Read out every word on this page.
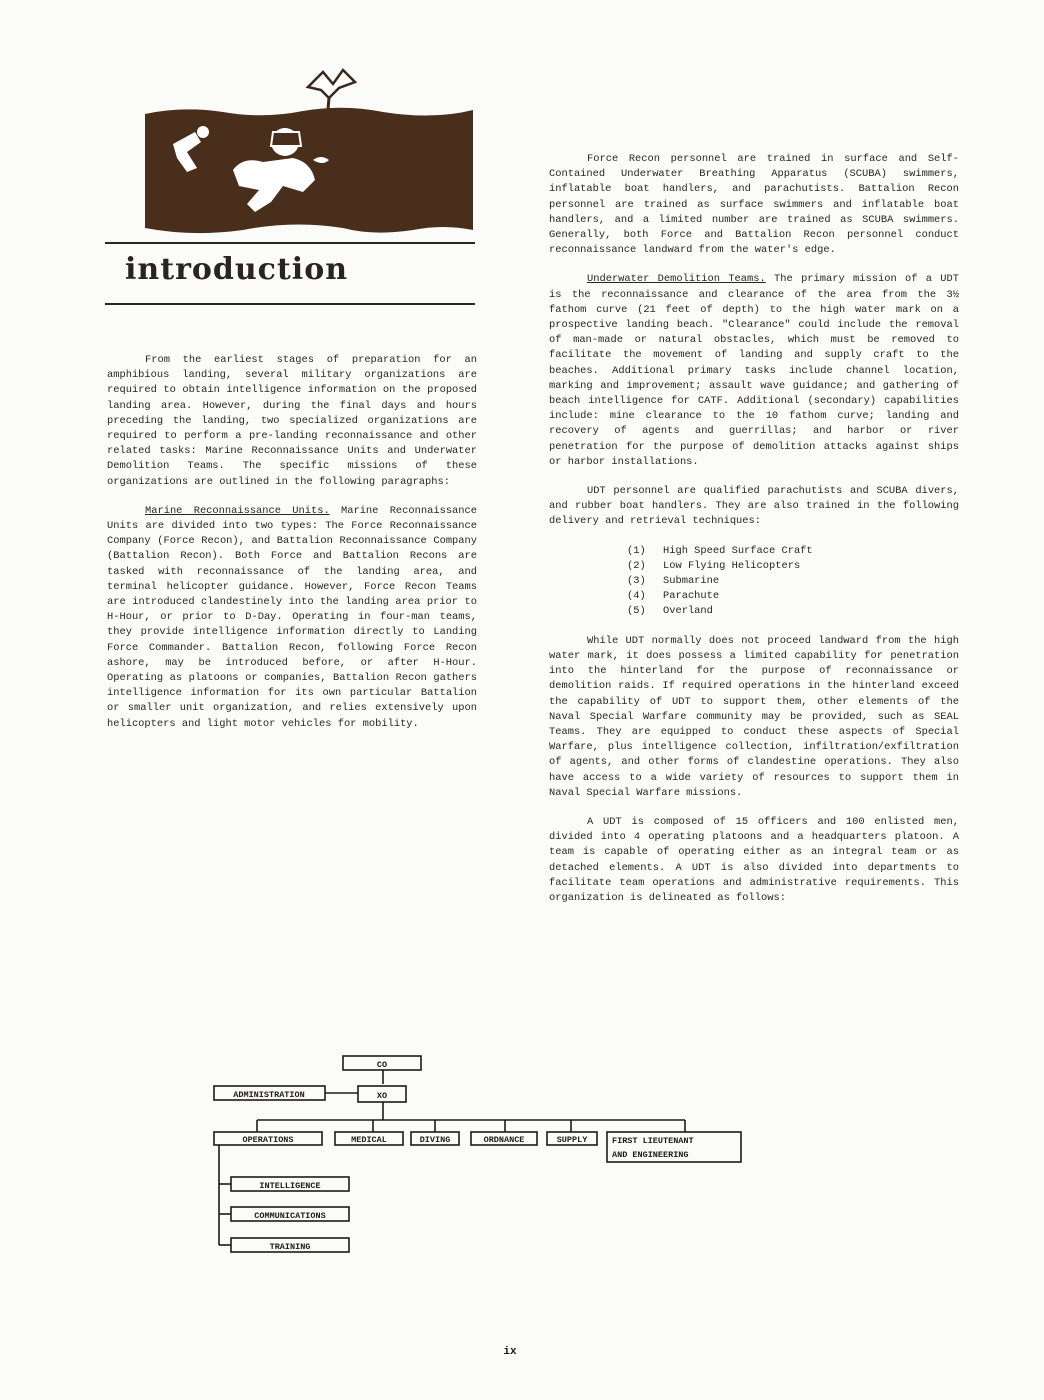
introduction

From the earliest stages of preparation for an amphibious landing, several military organizations are required to obtain intelligence information on the proposed landing area. However, during the final days and hours preceding the landing, two specialized organizations are required to perform a pre-landing reconnaissance and other related tasks: Marine Reconnaissance Units and Underwater Demolition Teams. The specific missions of these organizations are outlined in the following paragraphs:

Marine Reconnaissance Units. Marine Reconnaissance Units are divided into two types: The Force Reconnaissance Company (Force Recon), and Battalion Reconnaissance Company (Battalion Recon). Both Force and Battalion Recons are tasked with reconnaissance of the landing area, and terminal helicopter guidance. However, Force Recon Teams are introduced clandestinely into the landing area prior to H-Hour, or prior to D-Day. Operating in four-man teams, they provide intelligence information directly to Landing Force Commander. Battalion Recon, following Force Recon ashore, may be introduced before, or after H-Hour. Operating as platoons or companies, Battalion Recon gathers intelligence information for its own particular Battalion or smaller unit organization, and relies extensively upon helicopters and light motor vehicles for mobility.

Force Recon personnel are trained in surface and Self-Contained Underwater Breathing Apparatus (SCUBA) swimmers, inflatable boat handlers, and parachutists. Battalion Recon personnel are trained as surface swimmers and inflatable boat handlers, and a limited number are trained as SCUBA swimmers. Generally, both Force and Battalion Recon personnel conduct reconnaissance landward from the water's edge.

Underwater Demolition Teams. The primary mission of a UDT is the reconnaissance and clearance of the area from the 3½ fathom curve (21 feet of depth) to the high water mark on a prospective landing beach. "Clearance" could include the removal of man-made or natural obstacles, which must be removed to facilitate the movement of landing and supply craft to the beaches. Additional primary tasks include channel location, marking and improvement; assault wave guidance; and gathering of beach intelligence for CATF. Additional (secondary) capabilities include: mine clearance to the 10 fathom curve; landing and recovery of agents and guerrillas; and harbor or river penetration for the purpose of demolition attacks against ships or harbor installations.

UDT personnel are qualified parachutists and SCUBA divers, and rubber boat handlers. They are also trained in the following delivery and retrieval techniques:

(1) High Speed Surface Craft
(2) Low Flying Helicopters
(3) Submarine
(4) Parachute
(5) Overland

While UDT normally does not proceed landward from the high water mark, it does possess a limited capability for penetration into the hinterland for the purpose of reconnaissance or demolition raids. If required operations in the hinterland exceed the capability of UDT to support them, other elements of the Naval Special Warfare community may be provided, such as SEAL Teams. They are equipped to conduct these aspects of Special Warfare, plus intelligence collection, infiltration/exfiltration of agents, and other forms of clandestine operations. They also have access to a wide variety of resources to support them in Naval Special Warfare missions.

A UDT is composed of 15 officers and 100 enlisted men, divided into 4 operating platoons and a headquarters platoon. A team is capable of operating either as an integral team or as detached elements. A UDT is also divided into departments to facilitate team operations and administrative requirements. This organization is delineated as follows:

CO
ADMINISTRATION	XO
OPERATIONS	MEDICAL	DIVING	ORDNANCE	SUPPLY	FIRST LIEUTENANT
AND ENGINEERING
INTELLIGENCE
COMMUNICATIONS
TRAINING
ix
